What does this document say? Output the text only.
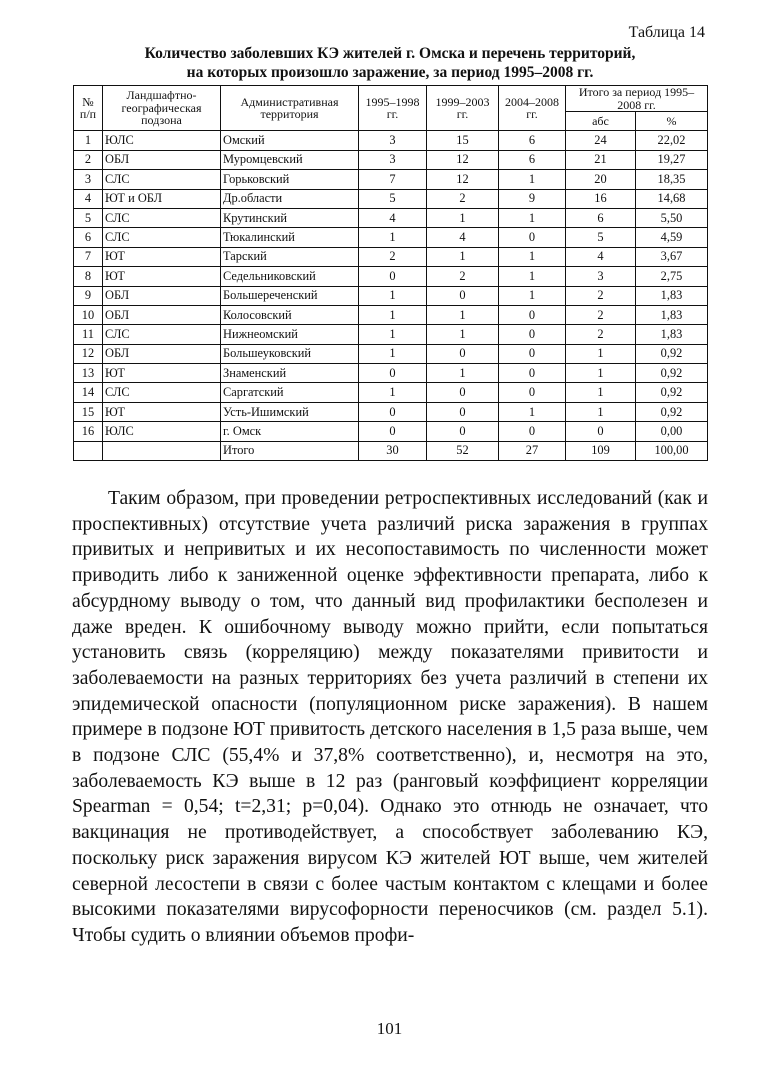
Таблица 14
Количество заболевших КЭ жителей г. Омска и перечень территорий,
на которых произошло заражение, за период 1995–2008 гг.
№ п/п	Ландшафтно-географическая подзона	Административная территория	1995–1998 гг.	1999–2003 гг.	2004–2008 гг.	Итого за период 1995–2008 гг.	
						абс	%
1	ЮЛС	Омский	3	15	6	24	22,02
2	ОБЛ	Муромцевский	3	12	6	21	19,27
3	СЛС	Горьковский	7	12	1	20	18,35
4	ЮТ и ОБЛ	Др.области	5	2	9	16	14,68
5	СЛС	Крутинский	4	1	1	6	5,50
6	СЛС	Тюкалинский	1	4	0	5	4,59
7	ЮТ	Тарский	2	1	1	4	3,67
8	ЮТ	Седельниковский	0	2	1	3	2,75
9	ОБЛ	Большереченский	1	0	1	2	1,83
10	ОБЛ	Колосовский	1	1	0	2	1,83
11	СЛС	Нижнеомский	1	1	0	2	1,83
12	ОБЛ	Большеуковский	1	0	0	1	0,92
13	ЮТ	Знаменский	0	1	0	1	0,92
14	СЛС	Саргатский	1	0	0	1	0,92
15	ЮТ	Усть-Ишимский	0	0	1	1	0,92
16	ЮЛС	г. Омск	0	0	0	0	0,00
		Итого	30	52	27	109	100,00

Таким образом, при проведении ретроспективных исследований (как и проспективных) отсутствие учета различий риска заражения в группах привитых и непривитых и их несопоставимость по численности может приводить либо к заниженной оценке эффективности препарата, либо к абсурдному выводу о том, что данный вид профилактики бесполезен и даже вреден. К ошибочному выводу можно прийти, если попытаться установить связь (корреляцию) между показателями привитости и заболеваемости на разных территориях без учета различий в степени их эпидемической опасности (популяционном риске заражения). В нашем примере в подзоне ЮТ привитость детского населения в 1,5 раза выше, чем в подзоне СЛС (55,4% и 37,8% соответственно), и, несмотря на это, заболеваемость КЭ выше в 12 раз (ранговый коэффициент корреляции Spearman = 0,54; t=2,31; p=0,04). Однако это отнюдь не означает, что вакцинация не противодействует, а способствует заболеванию КЭ, поскольку риск заражения вирусом КЭ жителей ЮТ выше, чем жителей северной лесостепи в связи с более частым контактом с клещами и более высокими показателями вирусофорности переносчиков (см. раздел 5.1). Чтобы судить о влиянии объемов профи-

101
